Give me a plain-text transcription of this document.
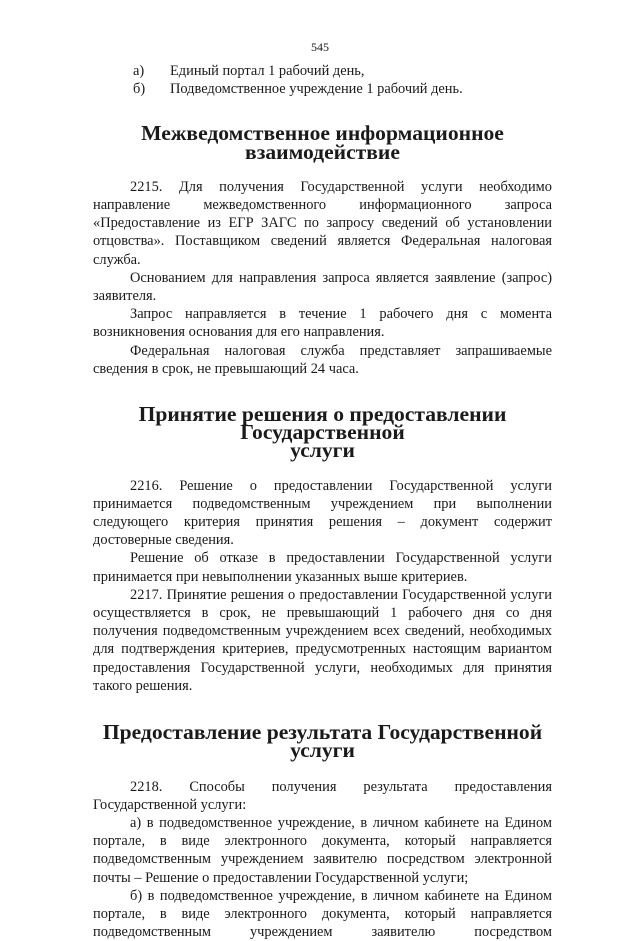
545
а)	Единый портал 1 рабочий день,
б)	Подведомственное учреждение 1 рабочий день.
Межведомственное информационное взаимодействие

2215. Для получения Государственной услуги необходимо направление межведомственного информационного запроса «Предоставление из ЕГР ЗАГС по запросу сведений об установлении отцовства». Поставщиком сведений является Федеральная налоговая служба.

Основанием для направления запроса является заявление (запрос) заявителя.

Запрос направляется в течение 1 рабочего дня с момента возникновения основания для его направления.

Федеральная налоговая служба представляет запрашиваемые сведения в срок, не превышающий 24 часа.

Принятие решения о предоставлении Государственной
услуги

2216. Решение о предоставлении Государственной услуги принимается подведомственным учреждением при выполнении следующего критерия принятия решения – документ содержит достоверные сведения.

Решение об отказе в предоставлении Государственной услуги принимается при невыполнении указанных выше критериев.

2217. Принятие решения о предоставлении Государственной услуги осуществляется в срок, не превышающий 1 рабочего дня со дня получения подведомственным учреждением всех сведений, необходимых для подтверждения критериев, предусмотренных настоящим вариантом предоставления Государственной услуги, необходимых для принятия такого решения.

Предоставление результата Государственной услуги

2218. Способы получения результата предоставления Государственной услуги:

а) в подведомственное учреждение, в личном кабинете на Едином портале, в виде электронного документа, который направляется подведомственным учреждением заявителю посредством электронной почты – Решение о предоставлении Государственной услуги;

б) в подведомственное учреждение, в личном кабинете на Едином портале, в виде электронного документа, который направляется подведомственным учреждением заявителю посредством
